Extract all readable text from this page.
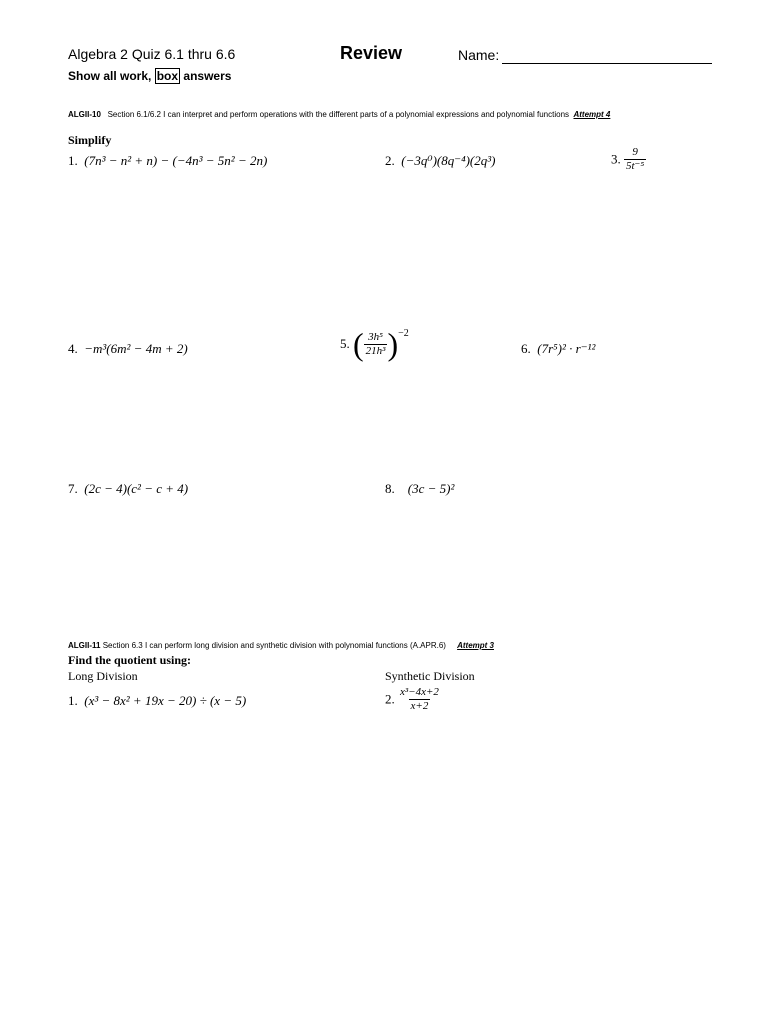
Algebra 2 Quiz 6.1 thru 6.6	Review	Name:
Show all work, box answers
ALGII-10 Section 6.1/6.2 I can interpret and perform operations with the different parts of a polynomial expressions and polynomial functions Attempt 4
Simplify
1. (7n³ − n² + n) − (−4n³ − 5n² − 2n)	2. (−3q⁰)(8q⁻⁴)(2q³)	3. $\frac{9}{\text{5t⁻⁵}}$
4. −m³(6m² − 4m + 2)	5.
( $\frac{\text{3h⁵}}{\text{21h³}}$ ) −2
6. (7r⁵)² · r⁻¹²
7. (2c − 4)(c² − c + 4)	8. (3c − 5)²
ALGII-11 Section 6.3 I can perform long division and synthetic division with polynomial functions (A.APR.6) Attempt 3
Find the quotient using:
Long Division	Synthetic Division
1. (x³ − 8x² + 19x − 20) ÷ (x − 5)	2. $\frac{\text{x³−4x+2}}{x+2}$
